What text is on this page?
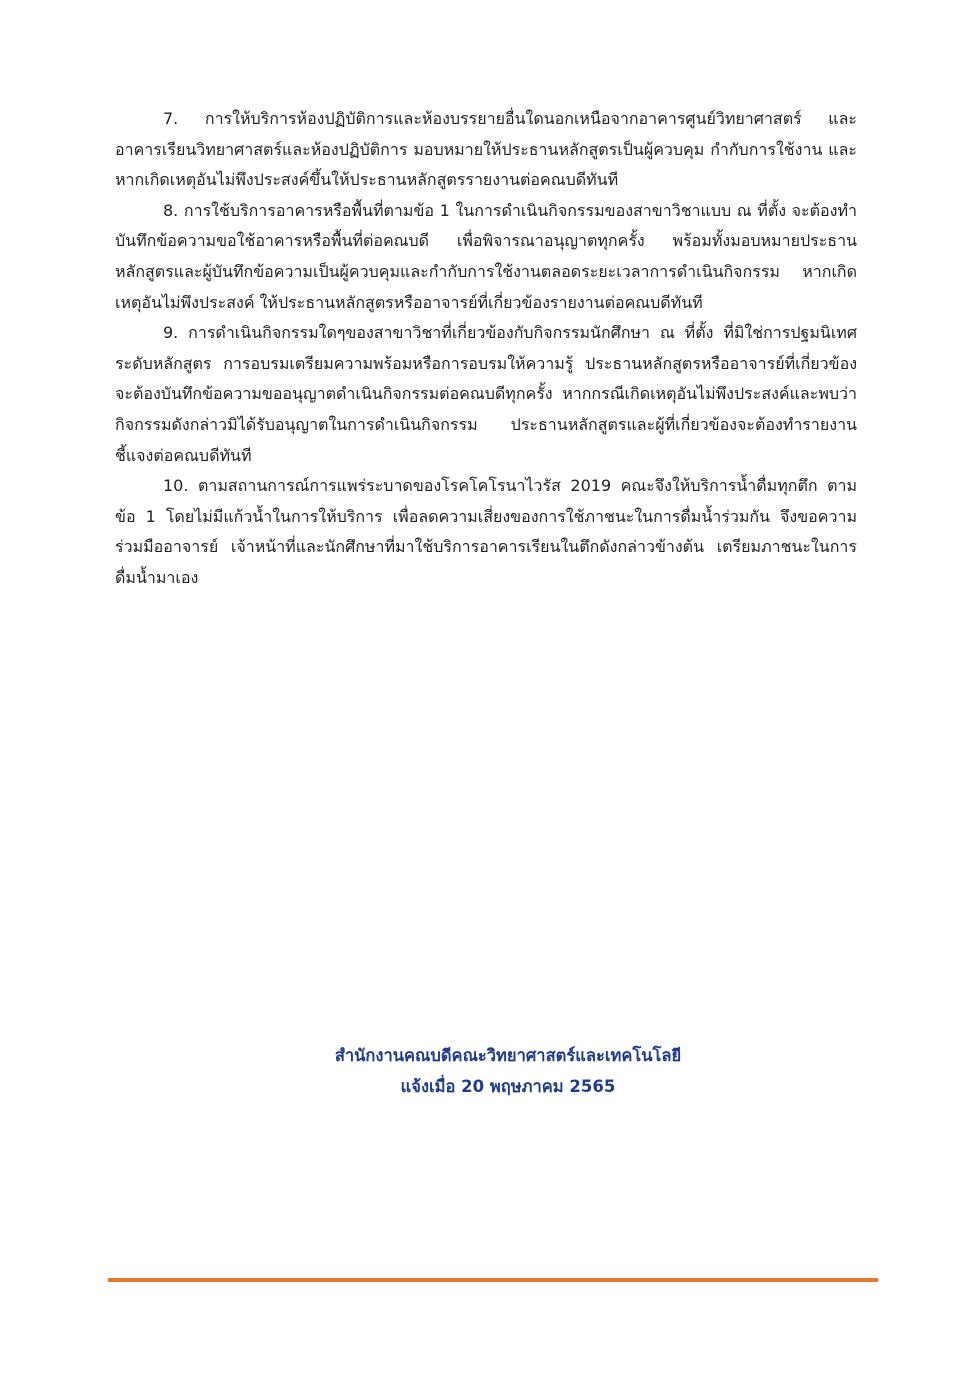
7. การให้บริการห้องปฏิบัติการและห้องบรรยายอื่นใดนอกเหนือจากอาคารศูนย์วิทยาศาสตร์ และอาคารเรียนวิทยาศาสตร์และห้องปฏิบัติการ มอบหมายให้ประธานหลักสูตรเป็นผู้ควบคุม กำกับการใช้งาน และหากเกิดเหตุอันไม่พึงประสงค์ขึ้นให้ประธานหลักสูตรรายงานต่อคณบดีทันที

8. การใช้บริการอาคารหรือพื้นที่ตามข้อ 1 ในการดำเนินกิจกรรมของสาขาวิชาแบบ ณ ที่ตั้ง จะต้องทำบันทึกข้อความขอใช้อาคารหรือพื้นที่ต่อคณบดี เพื่อพิจารณาอนุญาตทุกครั้ง พร้อมทั้งมอบหมายประธานหลักสูตรและผู้บันทึกข้อความเป็นผู้ควบคุมและกำกับการใช้งานตลอดระยะเวลาการดำเนินกิจกรรม หากเกิดเหตุอันไม่พึงประสงค์ ให้ประธานหลักสูตรหรืออาจารย์ที่เกี่ยวข้องรายงานต่อคณบดีทันที

9. การดำเนินกิจกรรมใดๆของสาขาวิชาที่เกี่ยวข้องกับกิจกรรมนักศึกษา ณ ที่ตั้ง ที่มิใช่การปฐมนิเทศระดับหลักสูตร การอบรมเตรียมความพร้อมหรือการอบรมให้ความรู้ ประธานหลักสูตรหรืออาจารย์ที่เกี่ยวข้องจะต้องบันทึกข้อความขออนุญาตดำเนินกิจกรรมต่อคณบดีทุกครั้ง หากกรณีเกิดเหตุอันไม่พึงประสงค์และพบว่ากิจกรรมดังกล่าวมิได้รับอนุญาตในการดำเนินกิจกรรม ประธานหลักสูตรและผู้ที่เกี่ยวข้องจะต้องทำรายงานชี้แจงต่อคณบดีทันที

10. ตามสถานการณ์การแพร่ระบาดของโรคโคโรนาไวรัส 2019 คณะจึงให้บริการน้ำดื่มทุกตึก ตามข้อ 1 โดยไม่มีแก้วน้ำในการให้บริการ เพื่อลดความเสี่ยงของการใช้ภาชนะในการดื่มน้ำร่วมกัน จึงขอความร่วมมืออาจารย์ เจ้าหน้าที่และนักศึกษาที่มาใช้บริการอาคารเรียนในตึกดังกล่าวข้างต้น เตรียมภาชนะในการดื่มน้ำมาเอง

สำนักงานคณบดีคณะวิทยาศาสตร์และเทคโนโลยี
แจ้งเมื่อ 20 พฤษภาคม 2565
